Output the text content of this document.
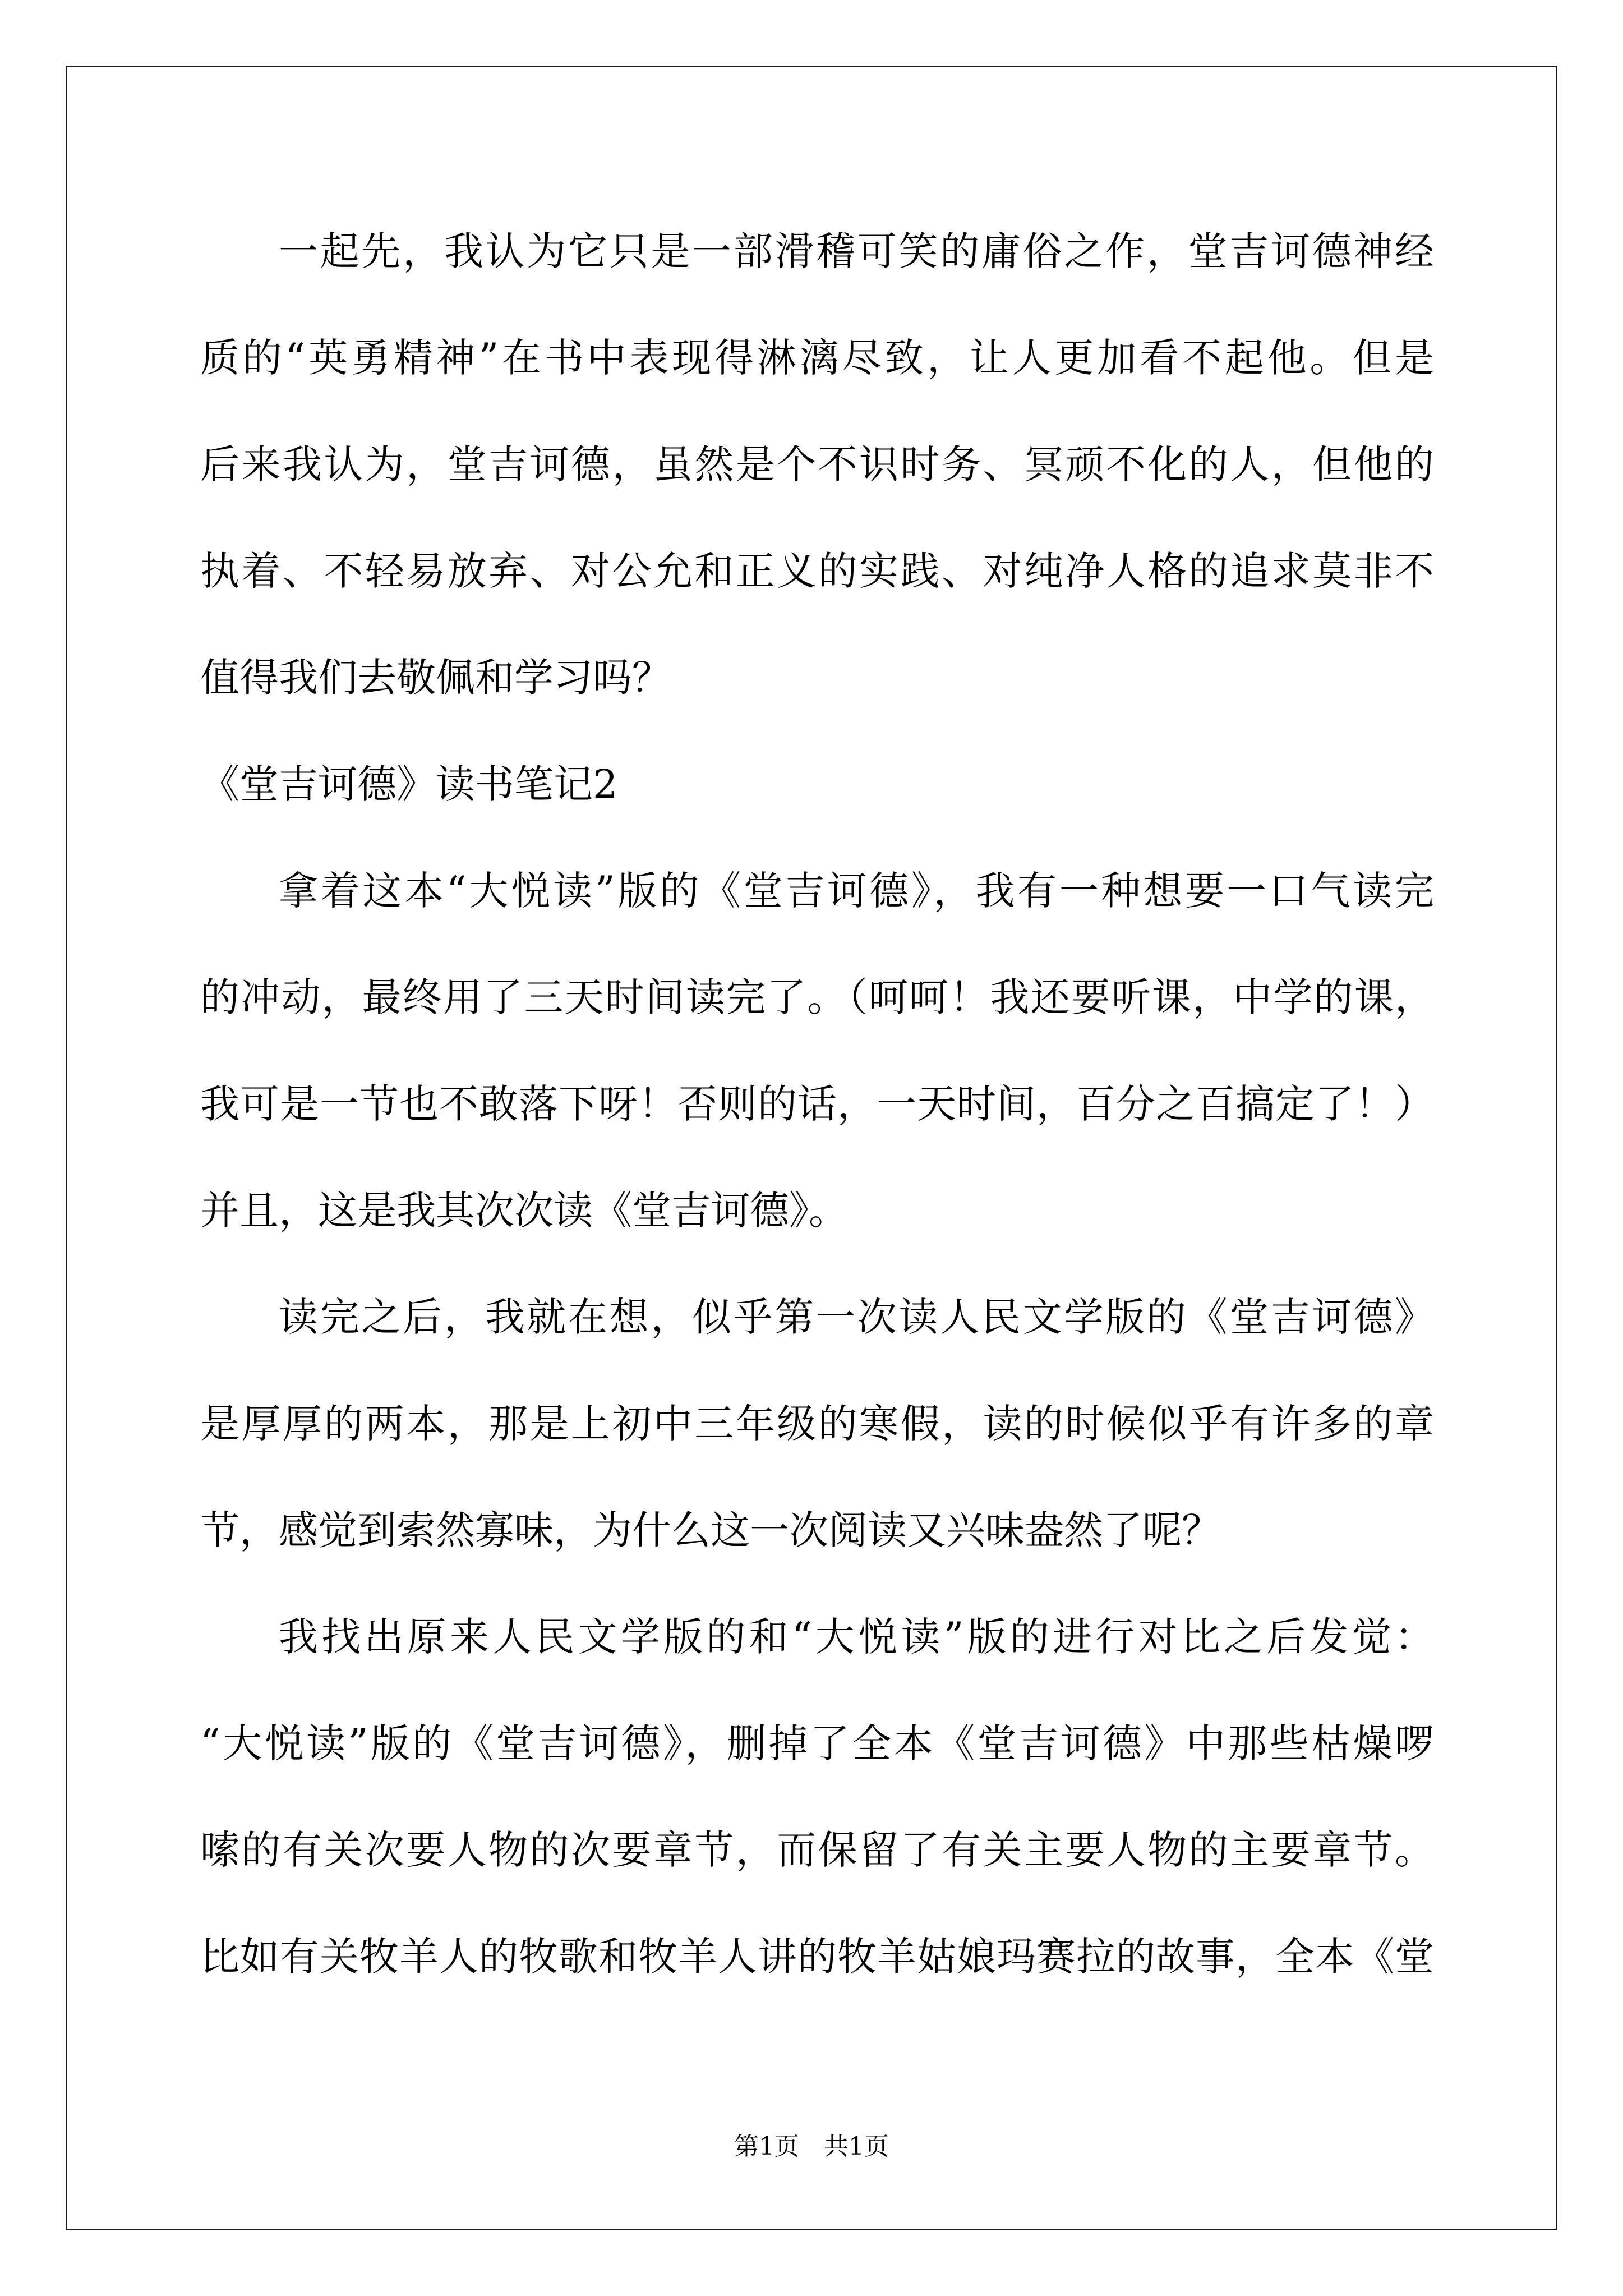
一起先，我认为它只是一部滑稽可笑的庸俗之作，堂吉诃德神经
质的“英勇精神”在书中表现得淋漓尽致，让人更加看不起他。但是
后来我认为，堂吉诃德，虽然是个不识时务、冥顽不化的人，但他的
执着、不轻易放弃、对公允和正义的实践、对纯净人格的追求莫非不
值得我们去敬佩和学习吗？
《堂吉诃德》读书笔记2
拿着这本“大悦读”版的《堂吉诃德》，我有一种想要一口气读完
的冲动，最终用了三天时间读完了。（呵呵！我还要听课，中学的课，
我可是一节也不敢落下呀！否则的话，一天时间，百分之百搞定了！）
并且，这是我其次次读《堂吉诃德》。
读完之后，我就在想，似乎第一次读人民文学版的《堂吉诃德》
是厚厚的两本，那是上初中三年级的寒假，读的时候似乎有许多的章
节，感觉到索然寡味，为什么这一次阅读又兴味盎然了呢？
我找出原来人民文学版的和“大悦读”版的进行对比之后发觉：
“大悦读”版的《堂吉诃德》，删掉了全本《堂吉诃德》中那些枯燥啰
嗦的有关次要人物的次要章节，而保留了有关主要人物的主要章节。
比如有关牧羊人的牧歌和牧羊人讲的牧羊姑娘玛赛拉的故事，全本《堂
第1页　共1页
